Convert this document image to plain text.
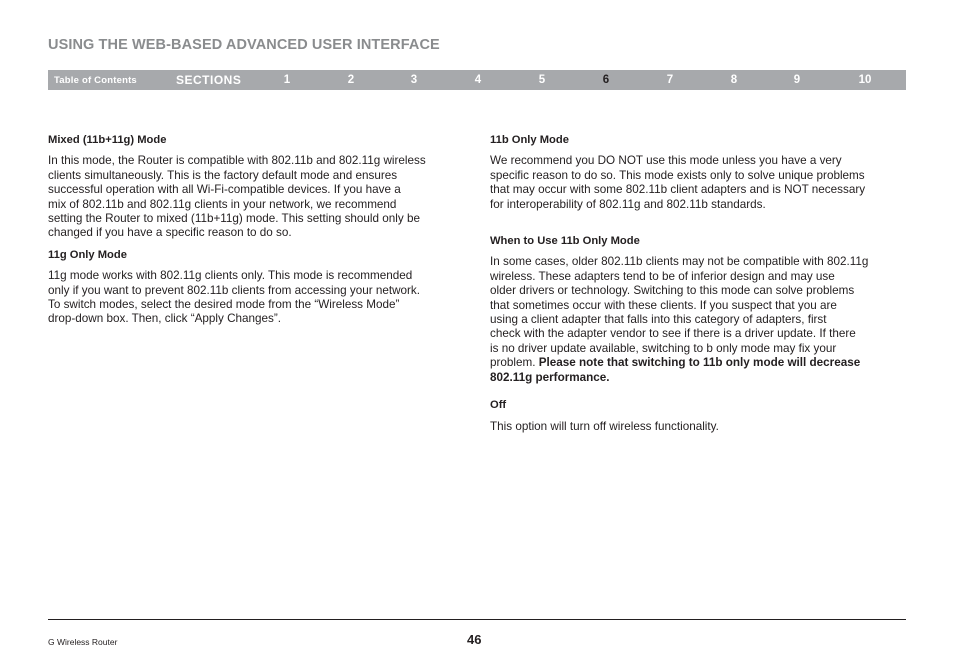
USING THE WEB-BASED ADVANCED USER INTERFACE
Table of Contents	SECTIONS	1	2	3	4	5	6	7	8	9	10
Mixed (11b+11g) Mode
In this mode, the Router is compatible with 802.11b and 802.11g wireless
clients simultaneously. This is the factory default mode and ensures
successful operation with all Wi-Fi-compatible devices. If you have a
mix of 802.11b and 802.11g clients in your network, we recommend
setting the Router to mixed (11b+11g) mode. This setting should only be
changed if you have a specific reason to do so.
11g Only Mode
11g mode works with 802.11g clients only. This mode is recommended
only if you want to prevent 802.11b clients from accessing your network.
To switch modes, select the desired mode from the “Wireless Mode”
drop-down box. Then, click “Apply Changes”.
11b Only Mode
We recommend you DO NOT use this mode unless you have a very
specific reason to do so. This mode exists only to solve unique problems
that may occur with some 802.11b client adapters and is NOT necessary
for interoperability of 802.11g and 802.11b standards.
When to Use 11b Only Mode
In some cases, older 802.11b clients may not be compatible with 802.11g
wireless. These adapters tend to be of inferior design and may use
older drivers or technology. Switching to this mode can solve problems
that sometimes occur with these clients. If you suspect that you are
using a client adapter that falls into this category of adapters, first
check with the adapter vendor to see if there is a driver update. If there
is no driver update available, switching to b only mode may fix your
problem. Please note that switching to 11b only mode will decrease
802.11g performance.
Off
This option will turn off wireless functionality.
G Wireless Router	46
